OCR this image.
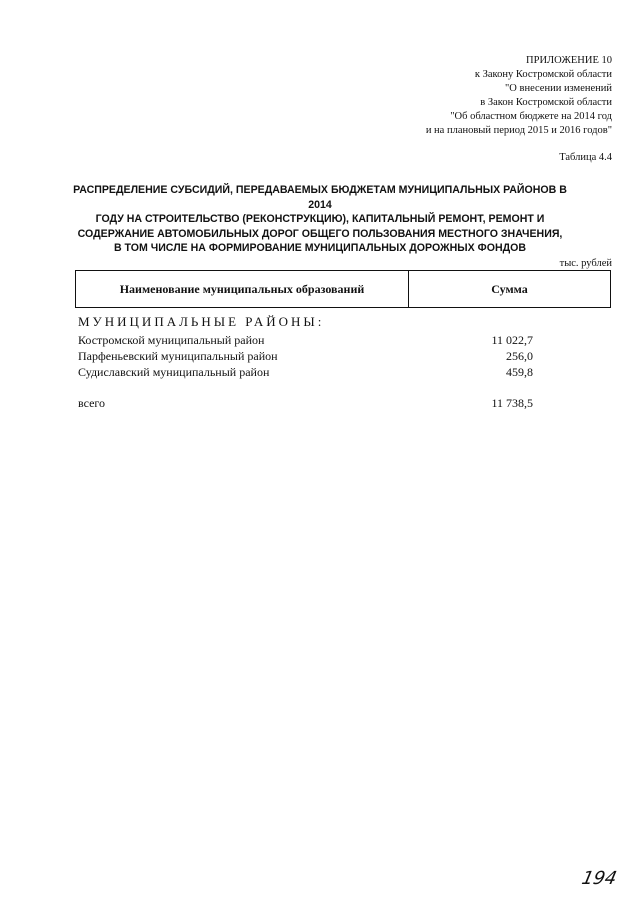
ПРИЛОЖЕНИЕ 10
к Закону Костромской области
"О внесении изменений
в Закон Костромской области
"Об областном бюджете на 2014 год
и на плановый период 2015 и 2016 годов"
Таблица 4.4
РАСПРЕДЕЛЕНИЕ СУБСИДИЙ, ПЕРЕДАВАЕМЫХ БЮДЖЕТАМ МУНИЦИПАЛЬНЫХ РАЙОНОВ В 2014
ГОДУ НА СТРОИТЕЛЬСТВО (РЕКОНСТРУКЦИЮ), КАПИТАЛЬНЫЙ РЕМОНТ, РЕМОНТ И
СОДЕРЖАНИЕ АВТОМОБИЛЬНЫХ ДОРОГ ОБЩЕГО ПОЛЬЗОВАНИЯ МЕСТНОГО ЗНАЧЕНИЯ,
В ТОМ ЧИСЛЕ НА ФОРМИРОВАНИЕ МУНИЦИПАЛЬНЫХ ДОРОЖНЫХ ФОНДОВ
тыс. рублей
Наименование муниципальных образований	Сумма
МУНИЦИПАЛЬНЫЕ РАЙОНЫ:
Костромской муниципальный район	11 022,7
Парфеньевский муниципальный район	256,0
Судиславский муниципальный район	459,8
всего	11 738,5
194
